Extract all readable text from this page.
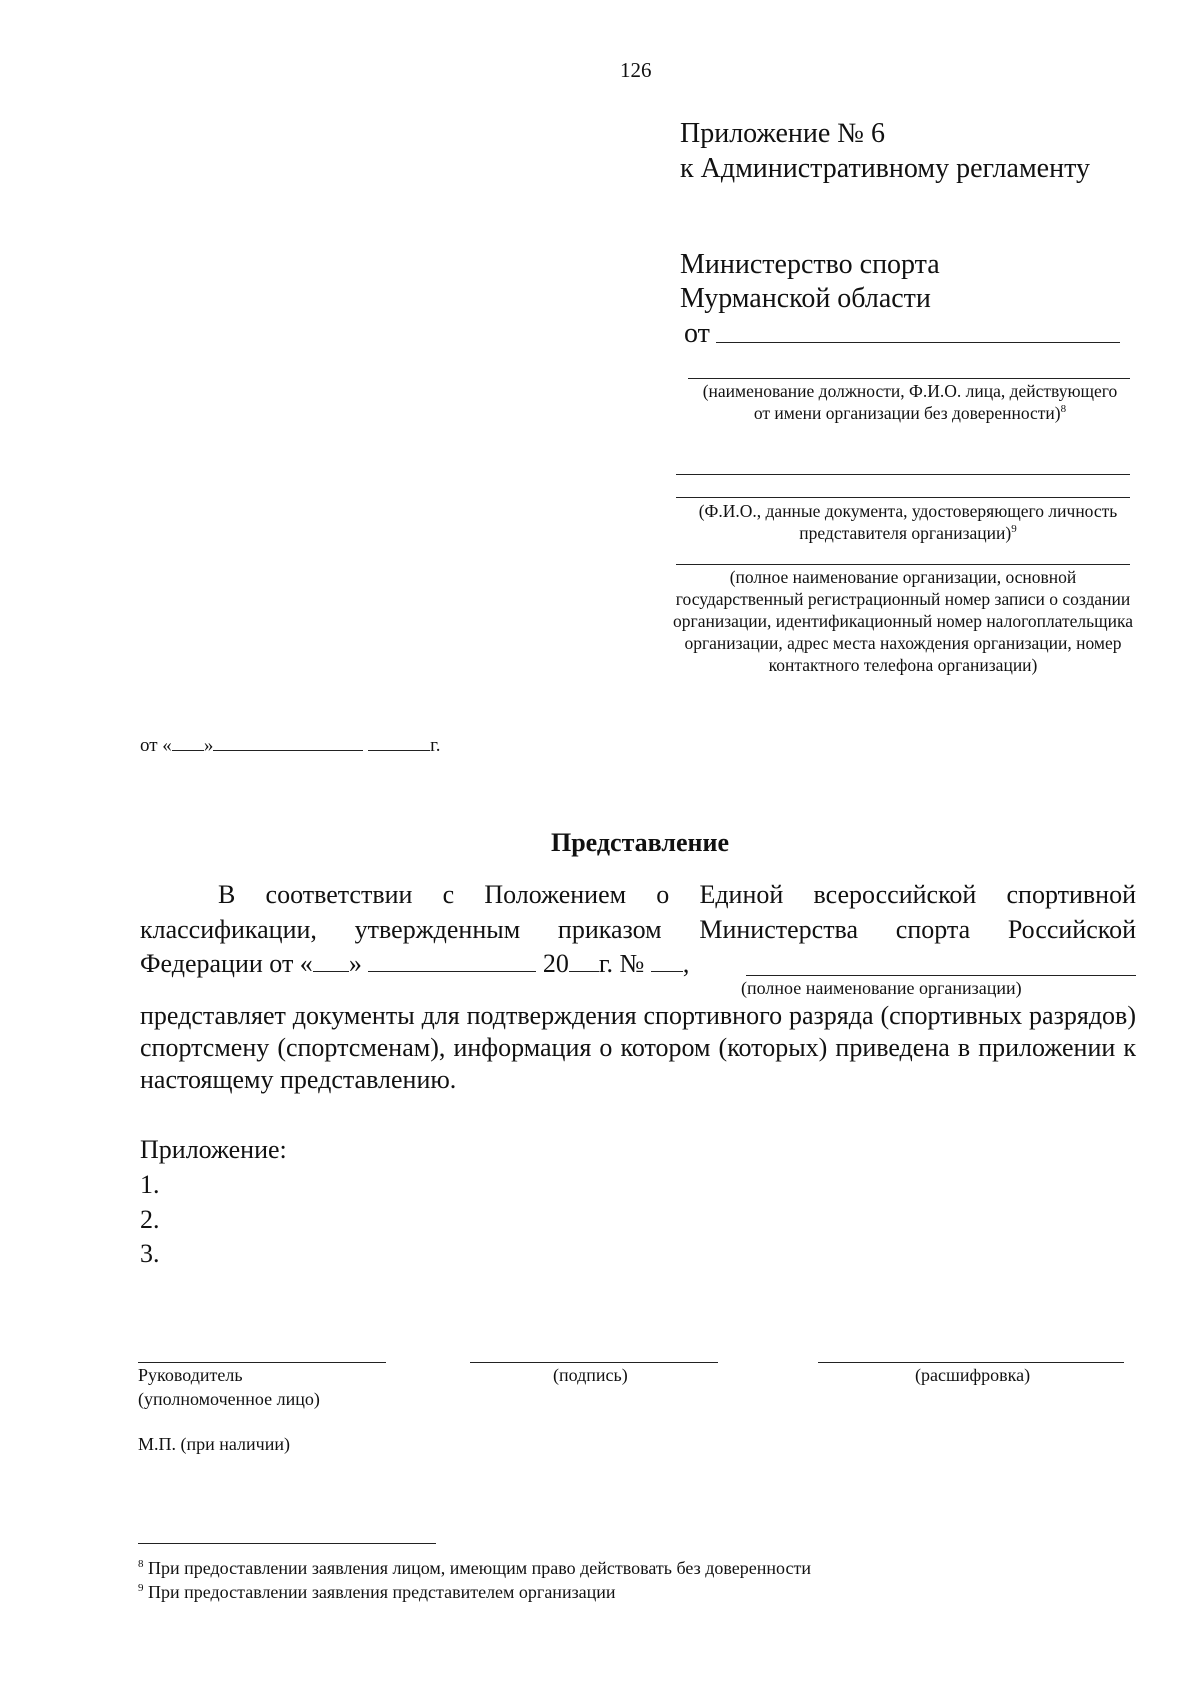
126
Приложение № 6
к Административному регламенту
Министерство спорта
Мурманской области
от
(наименование должности, Ф.И.О. лица, действующего от имени организации без доверенности)$^8$
(Ф.И.О., данные документа, удостоверяющего личность представителя организации)$^9$
(полное наименование организации, основной государственный регистрационный номер записи о создании организации, идентификационный номер налогоплательщика организации, адрес места нахождения организации, номер контактного телефона организации)
от « »	г.
Представление
В соответствии с Положением о Единой всероссийской спортивной
классификации, утвержденным приказом Министерства спорта Российской
Федерации от « »	20 г. № ,
(полное наименование организации)
представляет документы для подтверждения спортивного разряда (спортивных разрядов) спортсмену (спортсменам), информация о котором (которых) приведена в приложении к настоящему представлению.
Приложение:
1.
2.
3.
Руководитель
(уполномоченное лицо)
(подпись)	(расшифровка)
М.П. (при наличии)
$^8$ При предоставлении заявления лицом, имеющим право действовать без доверенности
$^9$ При предоставлении заявления представителем организации
